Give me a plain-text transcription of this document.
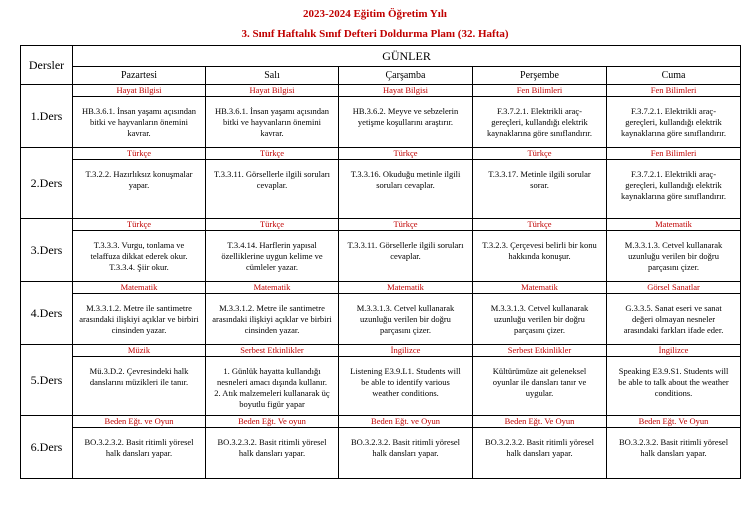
2023-2024 Eğitim Öğretim Yılı
3. Sınıf Haftalık Sınıf Defteri Doldurma Planı (32. Hafta)
Dersler	GÜNLER				
	Pazartesi	Salı	Çarşamba	Perşembe	Cuma
1.Ders	Hayat Bilgisi
HB.3.6.1. İnsan yaşamı açısından
bitki ve hayvanların önemini
kavrar.	Hayat Bilgisi
HB.3.6.1. İnsan yaşamı açısından
bitki ve hayvanların önemini
kavrar.	Hayat Bilgisi
HB.3.6.2. Meyve ve sebzelerin
yetişme koşullarını araştırır.	Fen Bilimleri
F.3.7.2.1. Elektrikli araç-
gereçleri, kullandığı elektrik
kaynaklarına göre sınıflandırır.	Fen Bilimleri
F.3.7.2.1. Elektrikli araç-
gereçleri, kullandığı elektrik
kaynaklarına göre sınıflandırır.

2.Ders	Türkçe
T.3.2.2. Hazırlıksız konuşmalar
yapar.	Türkçe
T.3.3.11. Görsellerle ilgili soruları
cevaplar.	Türkçe
T.3.3.16. Okuduğu metinle ilgili
soruları cevaplar.	Türkçe
T.3.3.17. Metinle ilgili sorular
sorar.	Fen Bilimleri
F.3.7.2.1. Elektrikli araç-
gereçleri, kullandığı elektrik
kaynaklarına göre sınıflandırır.

3.Ders	Türkçe
T.3.3.3. Vurgu, tonlama ve
telaffuza dikkat ederek okur.
T.3.3.4. Şiir okur.	Türkçe
T.3.4.14. Harflerin yapısal
özelliklerine uygun kelime ve
cümleler yazar.	Türkçe
T.3.3.11. Görsellerle ilgili soruları
cevaplar.	Türkçe
T.3.2.3. Çerçevesi belirli bir konu
hakkında konuşur.	Matematik
M.3.3.1.3. Cetvel kullanarak
uzunluğu verilen bir doğru
parçasını çizer.

4.Ders	Matematik
M.3.3.1.2. Metre ile santimetre
arasındaki ilişkiyi açıklar ve birbiri
cinsinden yazar.	Matematik
M.3.3.1.2. Metre ile santimetre
arasındaki ilişkiyi açıklar ve birbiri
cinsinden yazar.	Matematik
M.3.3.1.3. Cetvel kullanarak
uzunluğu verilen bir doğru
parçasını çizer.	Matematik
M.3.3.1.3. Cetvel kullanarak
uzunluğu verilen bir doğru
parçasını çizer.	Görsel Sanatlar
G.3.3.5. Sanat eseri ve sanat
değeri olmayan nesneler
arasındaki farkları ifade eder.

5.Ders	Müzik
Mü.3.D.2. Çevresindeki halk
danslarını müzikleri ile tanır.	Serbest Etkinlikler
1. Günlük hayatta kullandığı
nesneleri amacı dışında kullanır.
2. Atık malzemeleri kullanarak üç
boyutlu figür yapar	İngilizce
Listening E3.9.L1. Students will
be able to identify various
weather conditions.	Serbest Etkinlikler
Kültürümüze ait geleneksel
oyunlar ile dansları tanır ve
uygular.	İngilizce
Speaking E3.9.S1. Students will
be able to talk about the weather
conditions.

6.Ders	Beden Eğt. ve Oyun
BO.3.2.3.2. Basit ritimli yöresel
halk dansları yapar.	Beden Eğt. Ve oyun
BO.3.2.3.2. Basit ritimli yöresel
halk dansları yapar.	Beden Eğt. ve Oyun
BO.3.2.3.2. Basit ritimli yöresel
halk dansları yapar.	Beden Eğt. Ve Oyun
BO.3.2.3.2. Basit ritimli yöresel
halk dansları yapar.	Beden Eğt. Ve Oyun
BO.3.2.3.2. Basit ritimli yöresel
halk dansları yapar.
